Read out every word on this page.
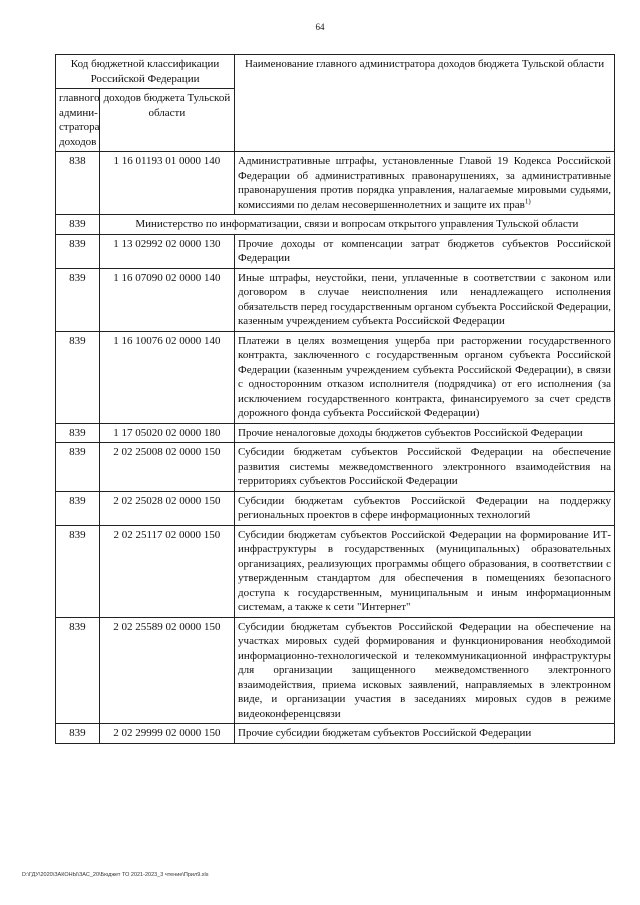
64
Код бюджетной классификации Российской Федерации		Наименование главного администратора доходов бюджета Тульской области
главного админи-стратора доходов	доходов бюджета Тульской области	
838	1 16 01193 01 0000 140	Административные штрафы, установленные Главой 19 Кодекса Российской Федерации об административных правонарушениях, за административные правонарушения против порядка управления, налагаемые мировыми судьями, комиссиями по делам несовершеннолетних и защите их прав$^{1)}$
839	Министерство по информатизации, связи и вопросам открытого управления Тульской области	
839	1 13 02992 02 0000 130	Прочие доходы от компенсации затрат бюджетов субъектов Российской Федерации
839	1 16 07090 02 0000 140	Иные штрафы, неустойки, пени, уплаченные в соответствии с законом или договором в случае неисполнения или ненадлежащего исполнения обязательств перед государственным органом субъекта Российской Федерации, казенным учреждением субъекта Российской Федерации
839	1 16 10076 02 0000 140	Платежи в целях возмещения ущерба при расторжении государственного контракта, заключенного с государственным органом субъекта Российской Федерации (казенным учреждением субъекта Российской Федерации), в связи с односторонним отказом исполнителя (подрядчика) от его исполнения (за исключением государственного контракта, финансируемого за счет средств дорожного фонда субъекта Российской Федерации)
839	1 17 05020 02 0000 180	Прочие неналоговые доходы бюджетов субъектов Российской Федерации
839	2 02 25008 02 0000 150	Субсидии бюджетам субъектов Российской Федерации на обеспечение развития системы межведомственного электронного взаимодействия на территориях субъектов Российской Федерации
839	2 02 25028 02 0000 150	Субсидии бюджетам субъектов Российской Федерации на поддержку региональных проектов в сфере информационных технологий
839	2 02 25117 02 0000 150	Субсидии бюджетам субъектов Российской Федерации на формирование ИТ-инфраструктуры в государственных (муниципальных) образовательных организациях, реализующих программы общего образования, в соответствии с утвержденным стандартом для обеспечения в помещениях безопасного доступа к государственным, муниципальным и иным информационным системам, а также к сети "Интернет"
839	2 02 25589 02 0000 150	Субсидии бюджетам субъектов Российской Федерации на обеспечение на участках мировых судей формирования и функционирования необходимой информационно-технологической и телекоммуникационной инфраструктуры для организации защищенного межведомственного электронного взаимодействия, приема исковых заявлений, направляемых в электронном виде, и организации участия в заседаниях мировых судов в режиме видеоконференцсвязи
839	2 02 29999 02 0000 150	Прочие субсидии бюджетам субъектов Российской Федерации
D:\ГДУ\2020\ЗАКОНЫ\ЗАС_20\Бюджет ТО 2021-2023_3 чтение\Прил9.xls
